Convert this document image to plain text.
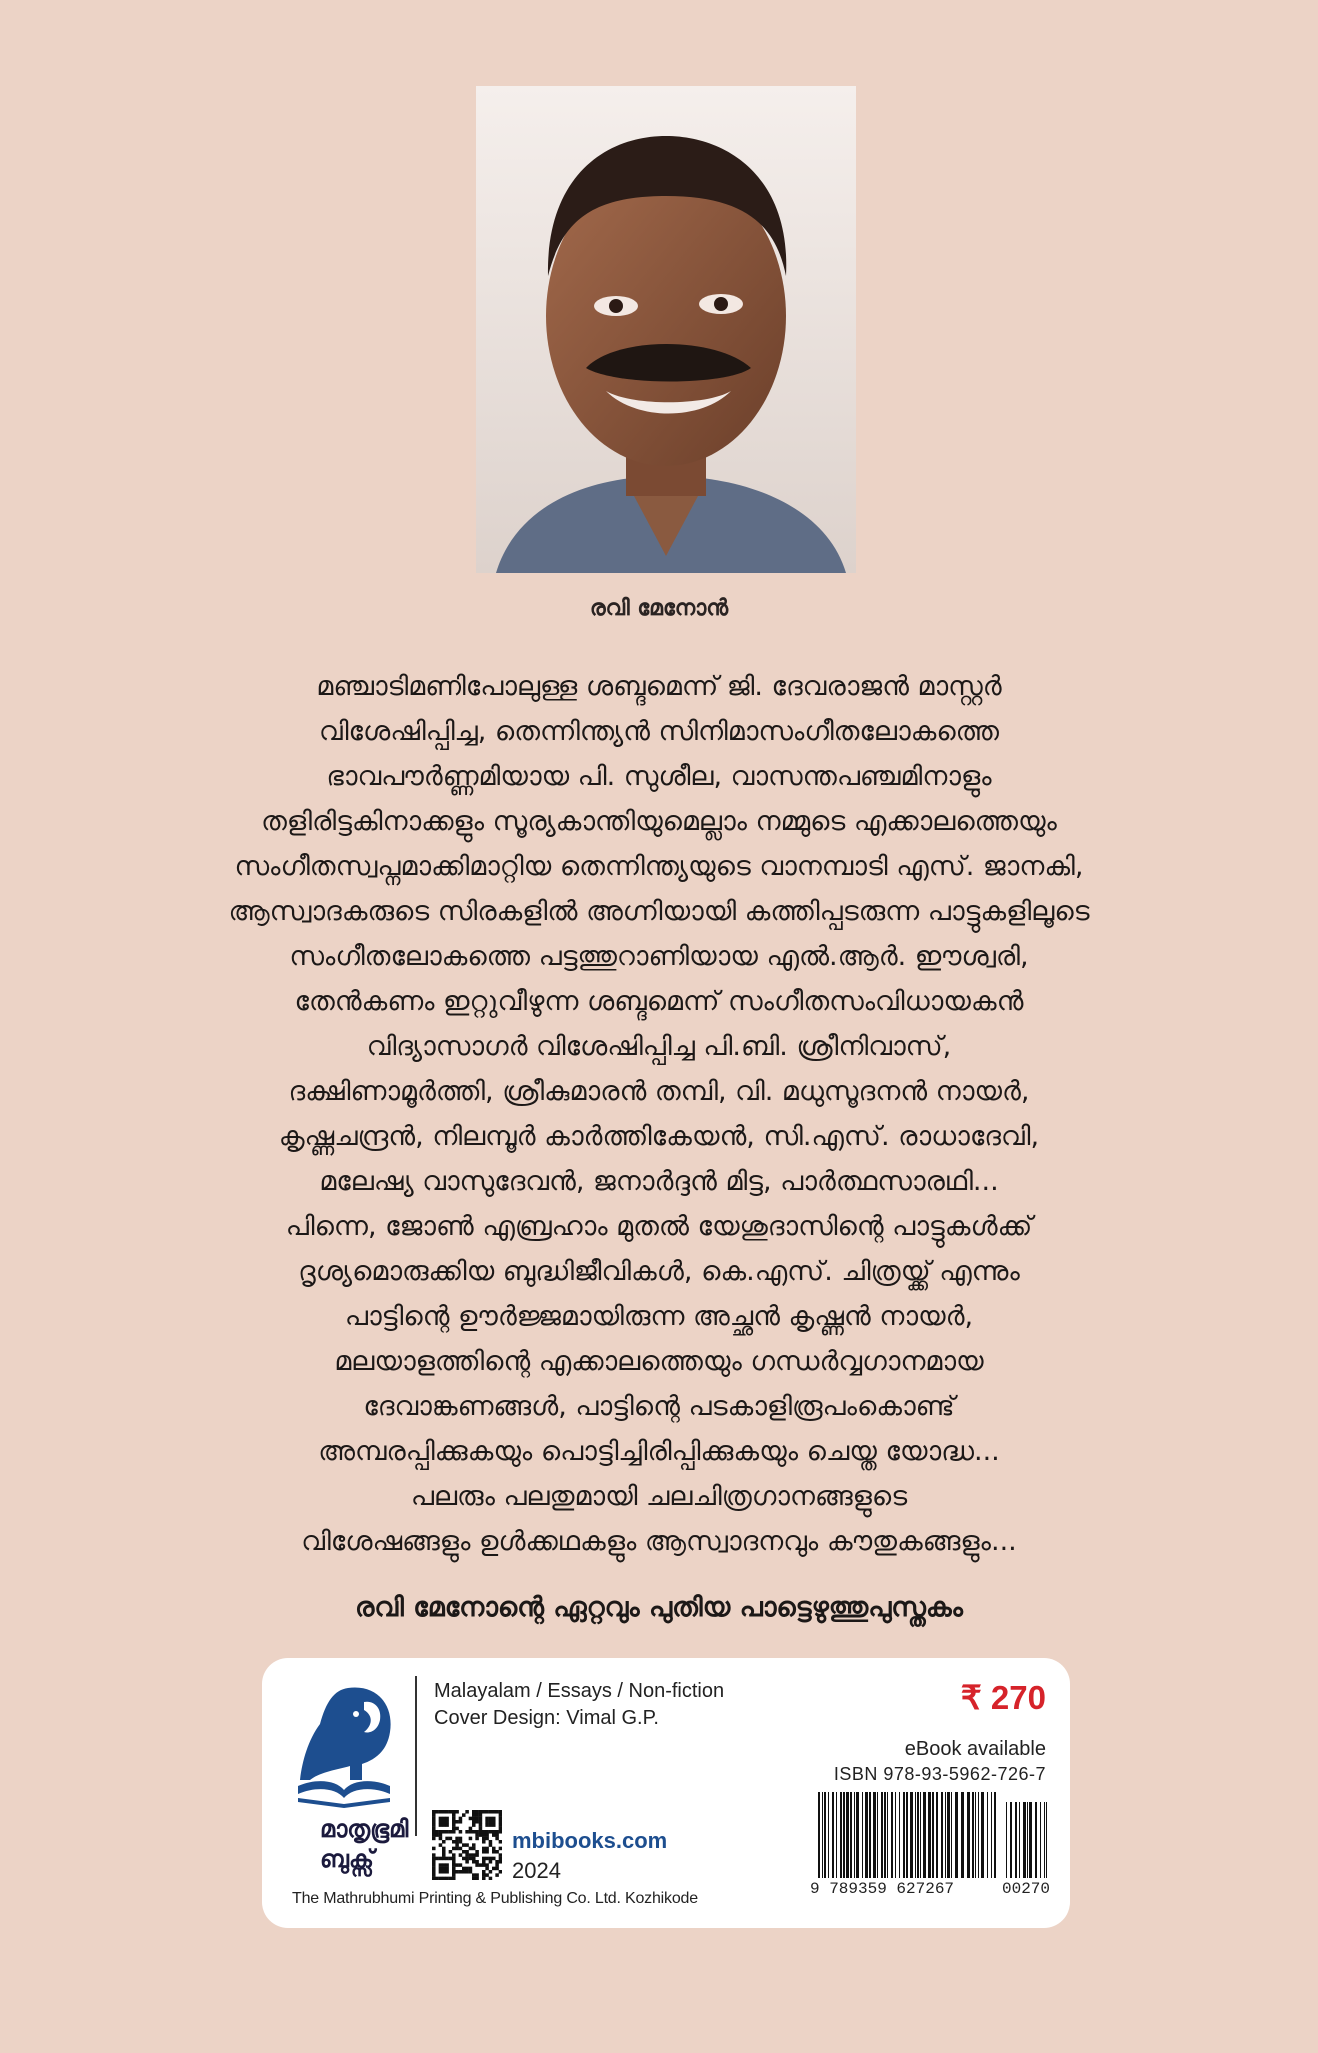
രവി മേനോൻ
മഞ്ചാടിമണിപോലുള്ള ശബ്ദമെന്ന് ജി. ദേവരാജൻ മാസ്റ്റർ
വിശേഷിപ്പിച്ച, തെന്നിന്ത്യൻ സിനിമാസംഗീതലോകത്തെ
ഭാവപൗർണ്ണമിയായ പി. സുശീല, വാസന്തപഞ്ചമിനാളും
തളിരിട്ടകിനാക്കളും സൂര്യകാന്തിയുമെല്ലാം നമ്മുടെ എക്കാലത്തെയും
സംഗീതസ്വപ്നമാക്കിമാറ്റിയ തെന്നിന്ത്യയുടെ വാനമ്പാടി എസ്. ജാനകി,
ആസ്വാദകരുടെ സിരകളിൽ അഗ്നിയായി കത്തിപ്പടരുന്ന പാട്ടുകളിലൂടെ
സംഗീതലോകത്തെ പട്ടത്തുറാണിയായ എൽ.ആർ. ഈശ്വരി,
തേൻകണം ഇറ്റുവീഴുന്ന ശബ്ദമെന്ന് സംഗീതസംവിധായകൻ
വിദ്യാസാഗർ വിശേഷിപ്പിച്ച പി.ബി. ശ്രീനിവാസ്,
ദക്ഷിണാമൂർത്തി, ശ്രീകുമാരൻ തമ്പി, വി. മധുസൂദനൻ നായർ,
കൃഷ്ണചന്ദ്രൻ, നിലമ്പൂർ കാർത്തികേയൻ, സി.എസ്. രാധാദേവി,
മലേഷ്യ വാസുദേവൻ, ജനാർദ്ദൻ മിട്ട, പാർത്ഥസാരഥി...
പിന്നെ, ജോൺ എബ്രഹാം മുതൽ യേശുദാസിന്റെ പാട്ടുകൾക്ക്
ദൃശ്യമൊരുക്കിയ ബുദ്ധിജീവികൾ, കെ.എസ്. ചിത്രയ്ക്ക് എന്നും
പാട്ടിന്റെ ഊർജ്ജമായിരുന്ന അച്ഛൻ കൃഷ്ണൻ നായർ,
മലയാളത്തിന്റെ എക്കാലത്തെയും ഗന്ധർവ്വഗാനമായ
ദേവാങ്കണങ്ങൾ, പാട്ടിന്റെ പടകാളിരൂപംകൊണ്ട്
അമ്പരപ്പിക്കുകയും പൊട്ടിച്ചിരിപ്പിക്കുകയും ചെയ്ത യോദ്ധ...
പലരും പലതുമായി ചലചിത്രഗാനങ്ങളുടെ
വിശേഷങ്ങളും ഉൾക്കഥകളും ആസ്വാദനവും കൗതുകങ്ങളും...
രവി മേനോന്റെ ഏറ്റവും പുതിയ പാട്ടെഴുത്തുപുസ്തകം
മാതൃഭൂമി
ബുക്സ്
Malayalam / Essays / Non-fiction
Cover Design: Vimal G.P.
₹ 270
eBook available
ISBN 978-93-5962-726-7
9 789359 627267	00270
mbibooks.com
2024
The Mathrubhumi Printing & Publishing Co. Ltd. Kozhikode
